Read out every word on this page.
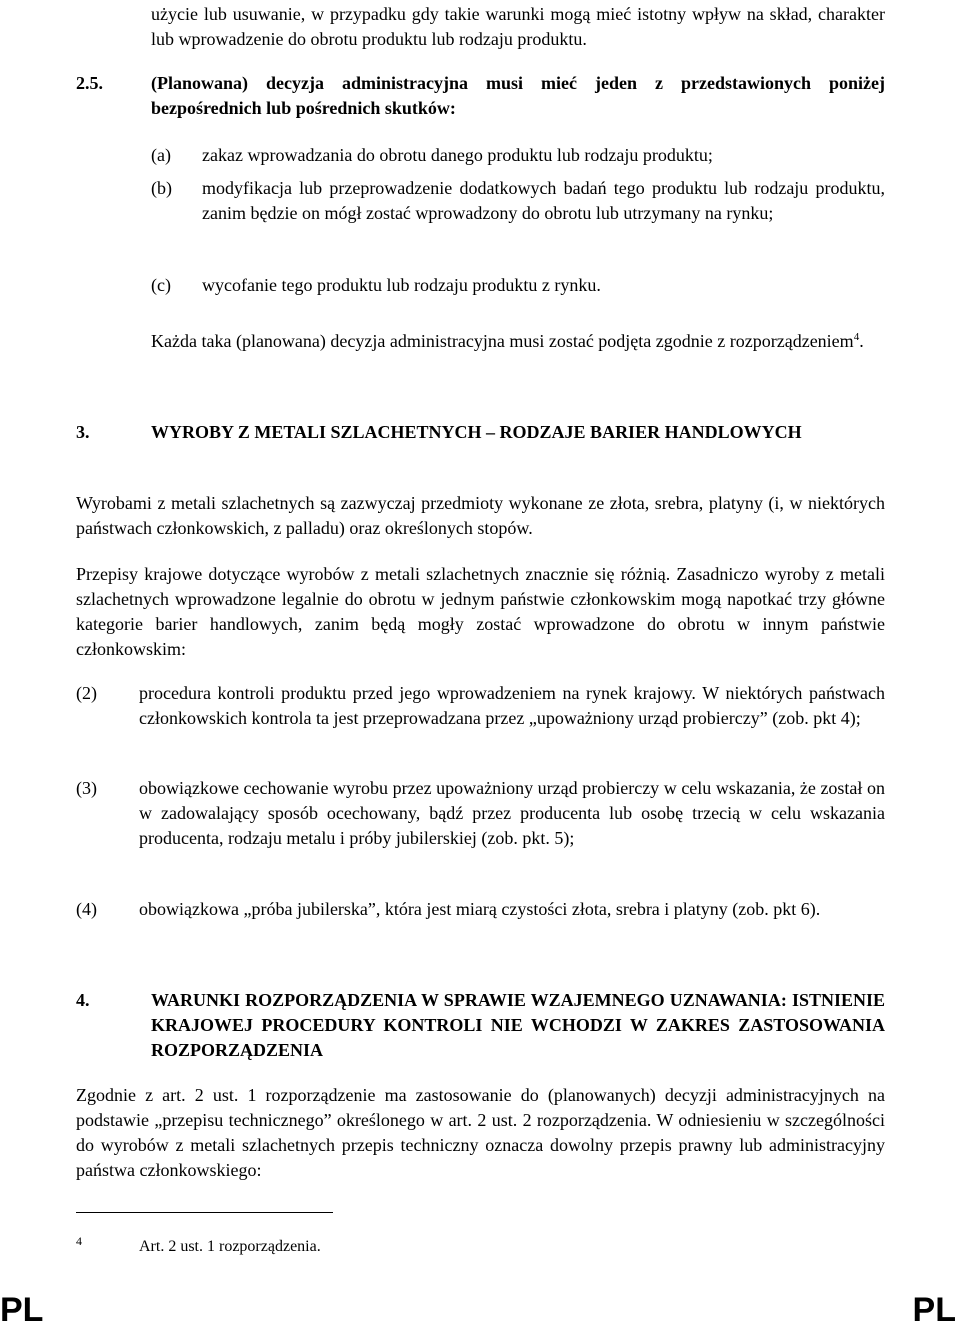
użycie lub usuwanie, w przypadku gdy takie warunki mogą mieć istotny wpływ na skład, charakter lub wprowadzenie do obrotu produktu lub rodzaju produktu.
2.5.	(Planowana) decyzja administracyjna musi mieć jeden z przedstawionych poniżej bezpośrednich lub pośrednich skutków:
(a) zakaz wprowadzania do obrotu danego produktu lub rodzaju produktu;
(b) modyfikacja lub przeprowadzenie dodatkowych badań tego produktu lub rodzaju produktu, zanim będzie on mógł zostać wprowadzony do obrotu lub utrzymany na rynku;
(c) wycofanie tego produktu lub rodzaju produktu z rynku.
Każda taka (planowana) decyzja administracyjna musi zostać podjęta zgodnie z rozporządzeniem$^4$.
3.	WYROBY Z METALI SZLACHETNYCH – RODZAJE BARIER HANDLOWYCH
Wyrobami z metali szlachetnych są zazwyczaj przedmioty wykonane ze złota, srebra, platyny (i, w niektórych państwach członkowskich, z palladu) oraz określonych stopów.
Przepisy krajowe dotyczące wyrobów z metali szlachetnych znacznie się różnią. Zasadniczo wyroby z metali szlachetnych wprowadzone legalnie do obrotu w jednym państwie członkowskim mogą napotkać trzy główne kategorie barier handlowych, zanim będą mogły zostać wprowadzone do obrotu w innym państwie członkowskim:
(2) procedura kontroli produktu przed jego wprowadzeniem na rynek krajowy. W niektórych państwach członkowskich kontrola ta jest przeprowadzana przez „upoważniony urząd probierczy” (zob. pkt 4);
(3) obowiązkowe cechowanie wyrobu przez upoważniony urząd probierczy w celu wskazania, że został on w zadowalający sposób ocechowany, bądź przez producenta lub osobę trzecią w celu wskazania producenta, rodzaju metalu i próby jubilerskiej (zob. pkt. 5);
(4) obowiązkowa „próba jubilerska”, która jest miarą czystości złota, srebra i platyny (zob. pkt 6).
4.	WARUNKI ROZPORZĄDZENIA W SPRAWIE WZAJEMNEGO UZNAWANIA: ISTNIENIE KRAJOWEJ PROCEDURY KONTROLI NIE WCHODZI W ZAKRES ZASTOSOWANIA ROZPORZĄDZENIA
Zgodnie z art. 2 ust. 1 rozporządzenie ma zastosowanie do (planowanych) decyzji administracyjnych na podstawie „przepisu technicznego” określonego w art. 2 ust. 2 rozporządzenia. W odniesieniu w szczególności do wyrobów z metali szlachetnych przepis techniczny oznacza dowolny przepis prawny lub administracyjny państwa członkowskiego:
4	Art. 2 ust. 1 rozporządzenia.
PL	PL
